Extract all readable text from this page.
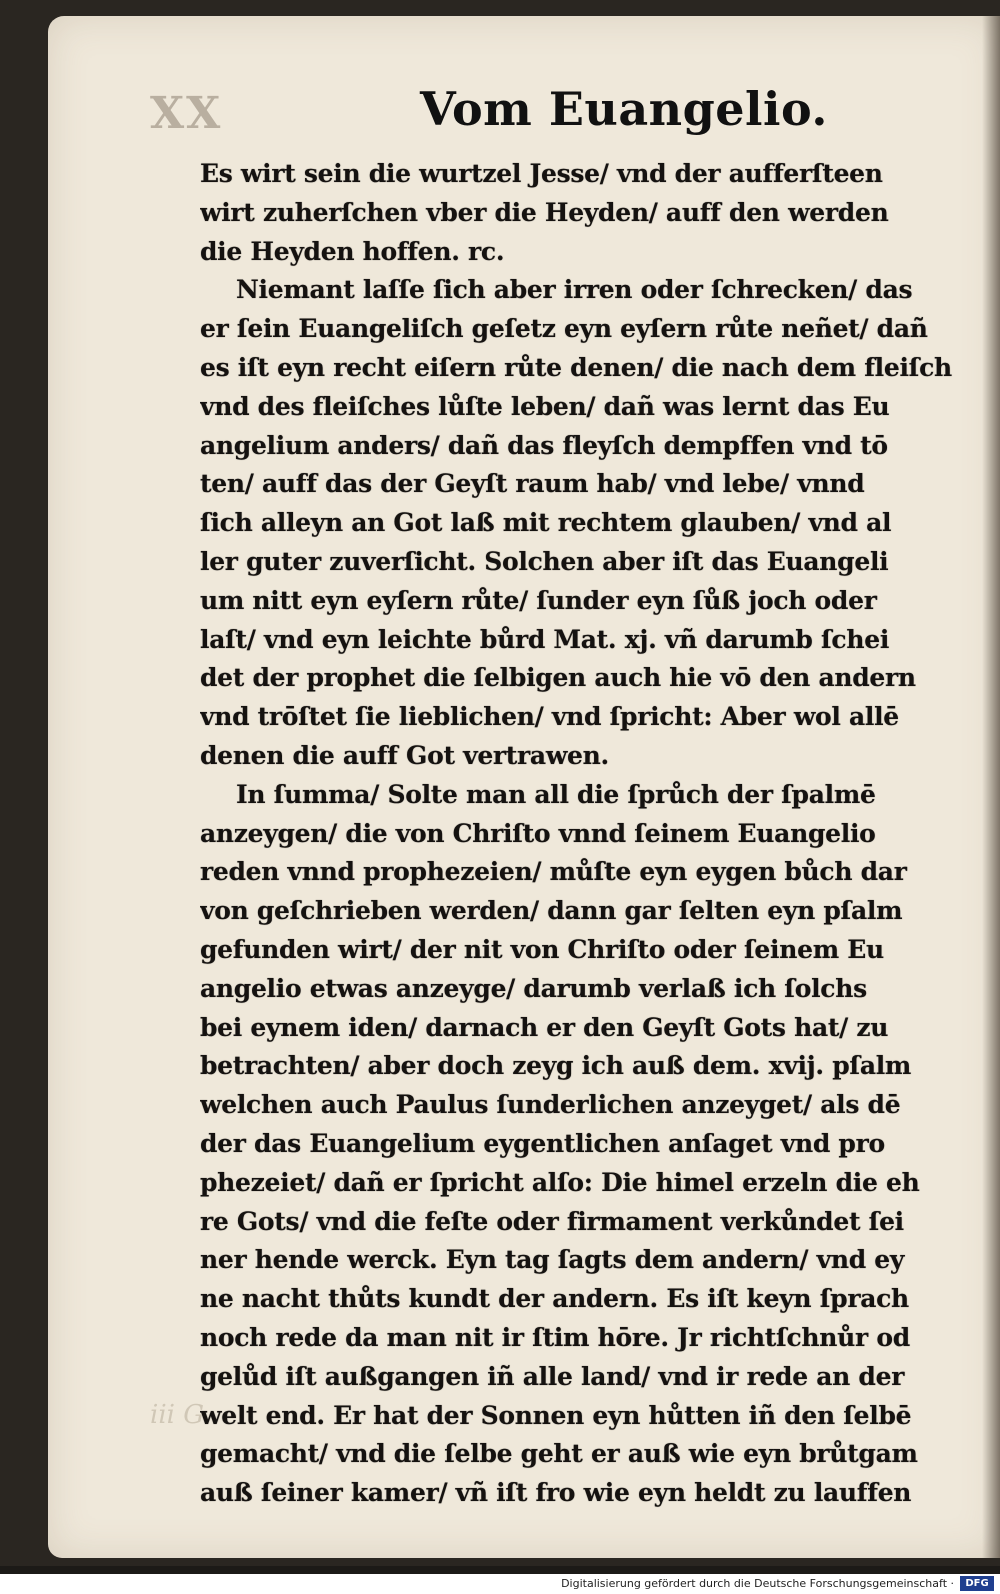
XX	Vom Euangelio.
Es wirt sein die wurtzel Jesse/ vnd der aufferſteen
wirt zuherſchen vber die Heyden/ auff den werden
die Heyden hoffen. rc.
Niemant laſſe ſich aber irren oder ſchrecken/ das
er ſein Euangeliſch geſetz eyn eyſern růte neñet/ dañ
es iſt eyn recht eiſern růte denen/ die nach dem fleiſch
vnd des fleiſches lůſte leben/ dañ was lernt das Eu
angelium anders/ dañ das fleyſch dempffen vnd tō
ten/ auff das der Geyſt raum hab/ vnd lebe/ vnnd
ſich alleyn an Got laß mit rechtem glauben/ vnd al
ler guter zuverſicht. Solchen aber iſt das Euangeli
um nitt eyn eyſern růte/ ſunder eyn ſůß joch oder
laſt/ vnd eyn leichte bůrd Mat. xj. vñ darumb ſchei
det der prophet die ſelbigen auch hie vō den andern
vnd trōſtet ſie lieblichen/ vnd ſpricht: Aber wol allē
denen die auff Got vertrawen.
In ſumma/ Solte man all die ſprůch der ſpalmē
anzeygen/ die von Chriſto vnnd ſeinem Euangelio
reden vnnd prophezeien/ můſte eyn eygen bůch dar
von geſchrieben werden/ dann gar ſelten eyn pſalm
gefunden wirt/ der nit von Chriſto oder ſeinem Eu
angelio etwas anzeyge/ darumb verlaß ich ſolchs
bei eynem iden/ darnach er den Geyſt Gots hat/ zu
betrachten/ aber doch zeyg ich auß dem. xvij. pſalm
welchen auch Paulus ſunderlichen anzeyget/ als dē
der das Euangelium eygentlichen anſaget vnd pro
phezeiet/ dañ er ſpricht alſo: Die himel erzeln die eh
re Gots/ vnd die feſte oder firmament verkůndet ſei
ner hende werck. Eyn tag ſagts dem andern/ vnd ey
ne nacht thůts kundt der andern. Es iſt keyn ſprach
noch rede da man nit ir ſtim hōre. Jr richtſchnůr od
gelůd iſt außgangen iñ alle land/ vnd ir rede an der
welt end. Er hat der Sonnen eyn hůtten iñ den ſelbē
gemacht/ vnd die ſelbe geht er auß wie eyn brůtgam
auß ſeiner kamer/ vñ iſt fro wie eyn heldt zu lauffen
iii G
Digitalisierung gefördert durch die Deutsche Forschungsgemeinschaft ·	DFG
